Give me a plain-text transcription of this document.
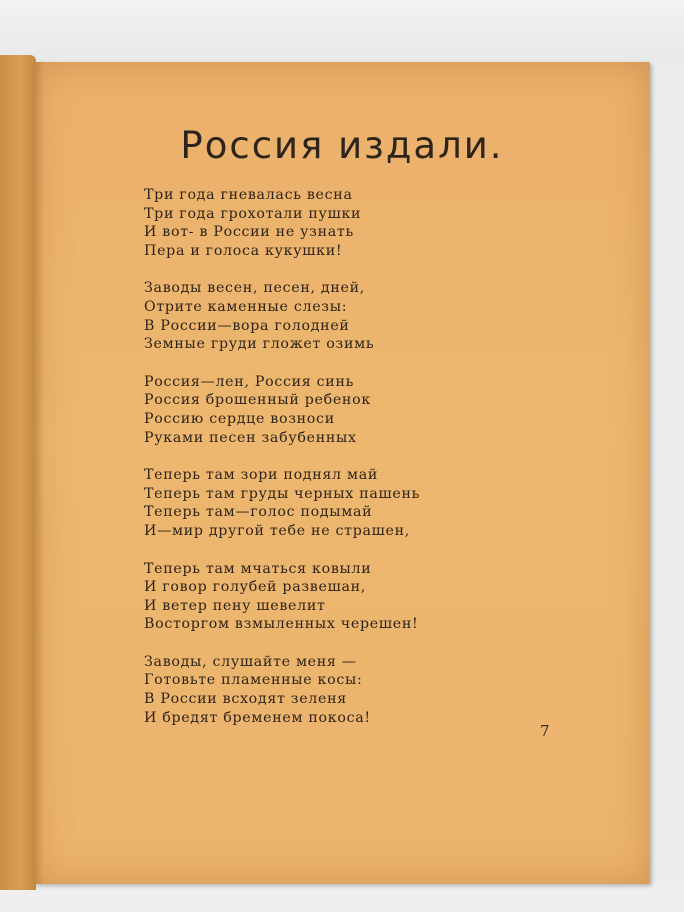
Россия издали.
Три года гневалась весна
Три года грохотали пушки
И вот- в России не узнать
Пера и голоса кукушки!
Заводы весен, песен, дней,
Отрите каменные слезы:
В России—вора голодней
Земные груди гложет озимь
Россия—лен, Россия синь
Россия брошенный ребенок
Россию сердце возноси
Руками песен забубенных
Теперь там зори поднял май
Теперь там груды черных пашень
Теперь там—голос подымай
И—мир другой тебе не страшен,
Теперь там мчаться ковыли
И говор голубей развешан,
И ветер пену шевелит
Восторгом взмыленных черешен!
Заводы, слушайте меня —
Готовьте пламенные косы:
В России всходят зеленя
И бредят бременем покоса!
7
